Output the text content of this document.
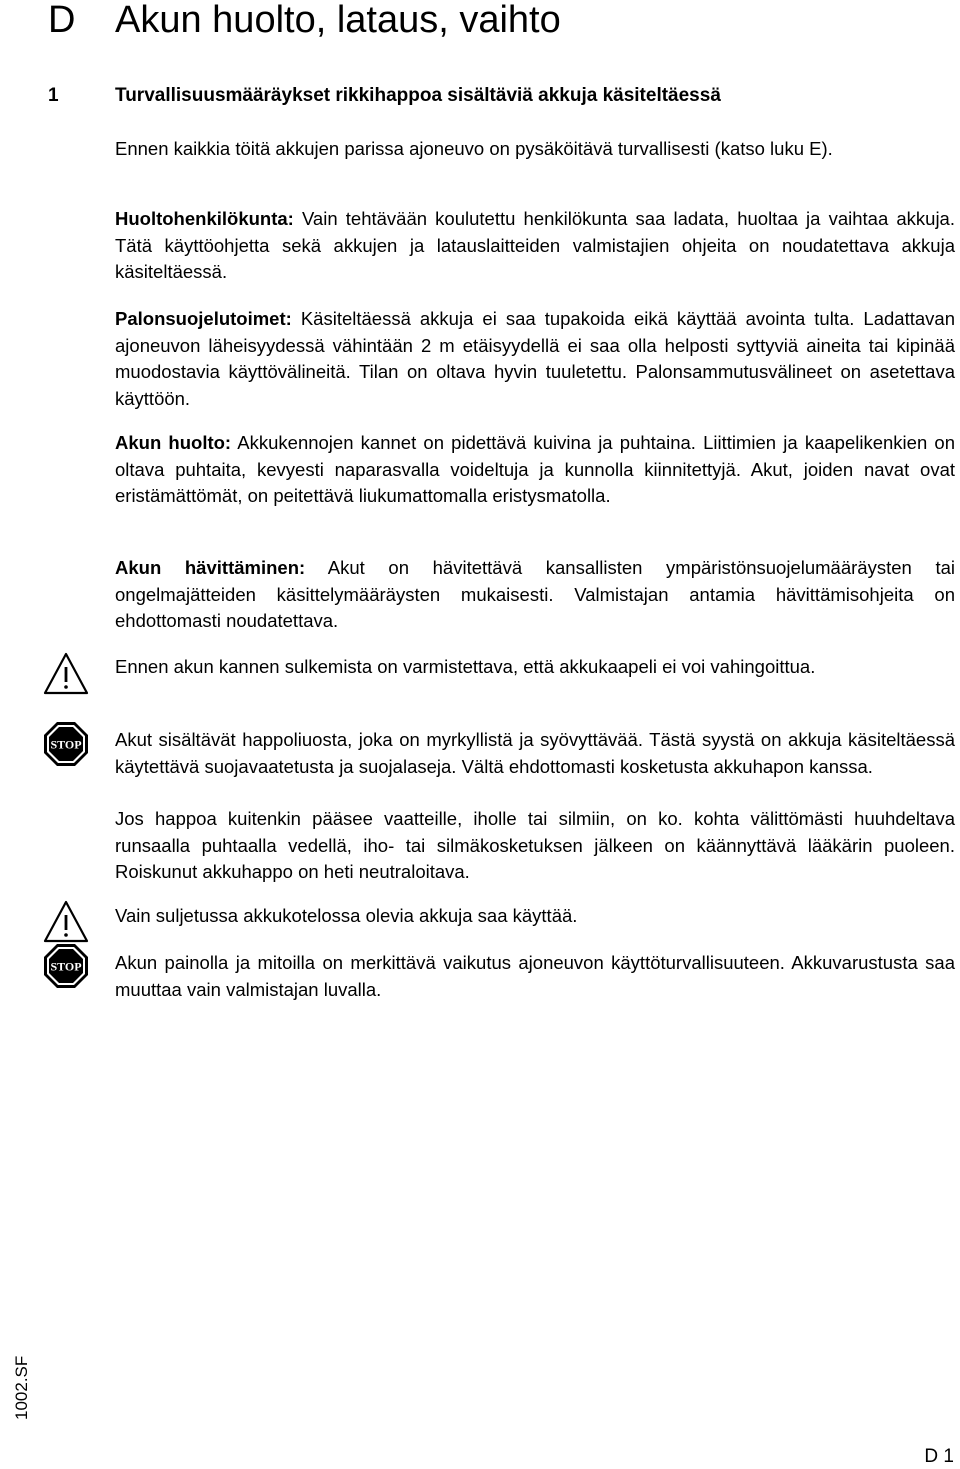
D Akun huolto, lataus, vaihto
1	Turvallisuusmääräykset rikkihappoa sisältäviä akkuja käsiteltäessä

Ennen kaikkia töitä akkujen parissa ajoneuvo on pysäköitävä turvallisesti (katso luku E).

Huoltohenkilökunta: Vain tehtävään koulutettu henkilökunta saa ladata, huoltaa ja vaihtaa akkuja. Tätä käyttöohjetta sekä akkujen ja latauslaitteiden valmistajien ohjeita on noudatettava akkuja käsiteltäessä.

Palonsuojelutoimet: Käsiteltäessä akkuja ei saa tupakoida eikä käyttää avointa tulta. Ladattavan ajoneuvon läheisyydessä vähintään 2 m etäisyydellä ei saa olla helposti syttyviä aineita tai kipinää muodostavia käyttövälineitä. Tilan on oltava hyvin tuuletettu. Palonsammutusvälineet on asetettava käyttöön.

Akun huolto: Akkukennojen kannet on pidettävä kuivina ja puhtaina. Liittimien ja kaapelikenkien on oltava puhtaita, kevyesti naparasvalla voideltuja ja kunnolla kiinnitettyjä. Akut, joiden navat ovat eristämättömät, on peitettävä liukumattomalla eristysmatolla.

Akun hävittäminen: Akut on hävitettävä kansallisten ympäristönsuojelumääräysten tai ongelmajätteiden käsittelymääräysten mukaisesti. Valmistajan antamia hävittämisohjeita on ehdottomasti noudatettava.

Ennen akun kannen sulkemista on varmistettava, että akkukaapeli ei voi vahingoittua.

STOP Akut sisältävät happoliuosta, joka on myrkyllistä ja syövyttävää. Tästä syystä on akkuja käsiteltäessä käytettävä suojavaatetusta ja suojalaseja. Vältä ehdottomasti kosketusta akkuhapon kanssa.

Jos happoa kuitenkin pääsee vaatteille, iholle tai silmiin, on ko. kohta välittömästi huuhdeltava runsaalla puhtaalla vedellä, iho- tai silmäkosketuksen jälkeen on käännyttävä lääkärin puoleen. Roiskunut akkuhappo on heti neutraloitava.

Vain suljetussa akkukotelossa olevia akkuja saa käyttää.

STOP Akun painolla ja mitoilla on merkittävä vaikutus ajoneuvon käyttöturvallisuuteen. Akkuvarustusta saa muuttaa vain valmistajan luvalla.

1002.SF
D 1
